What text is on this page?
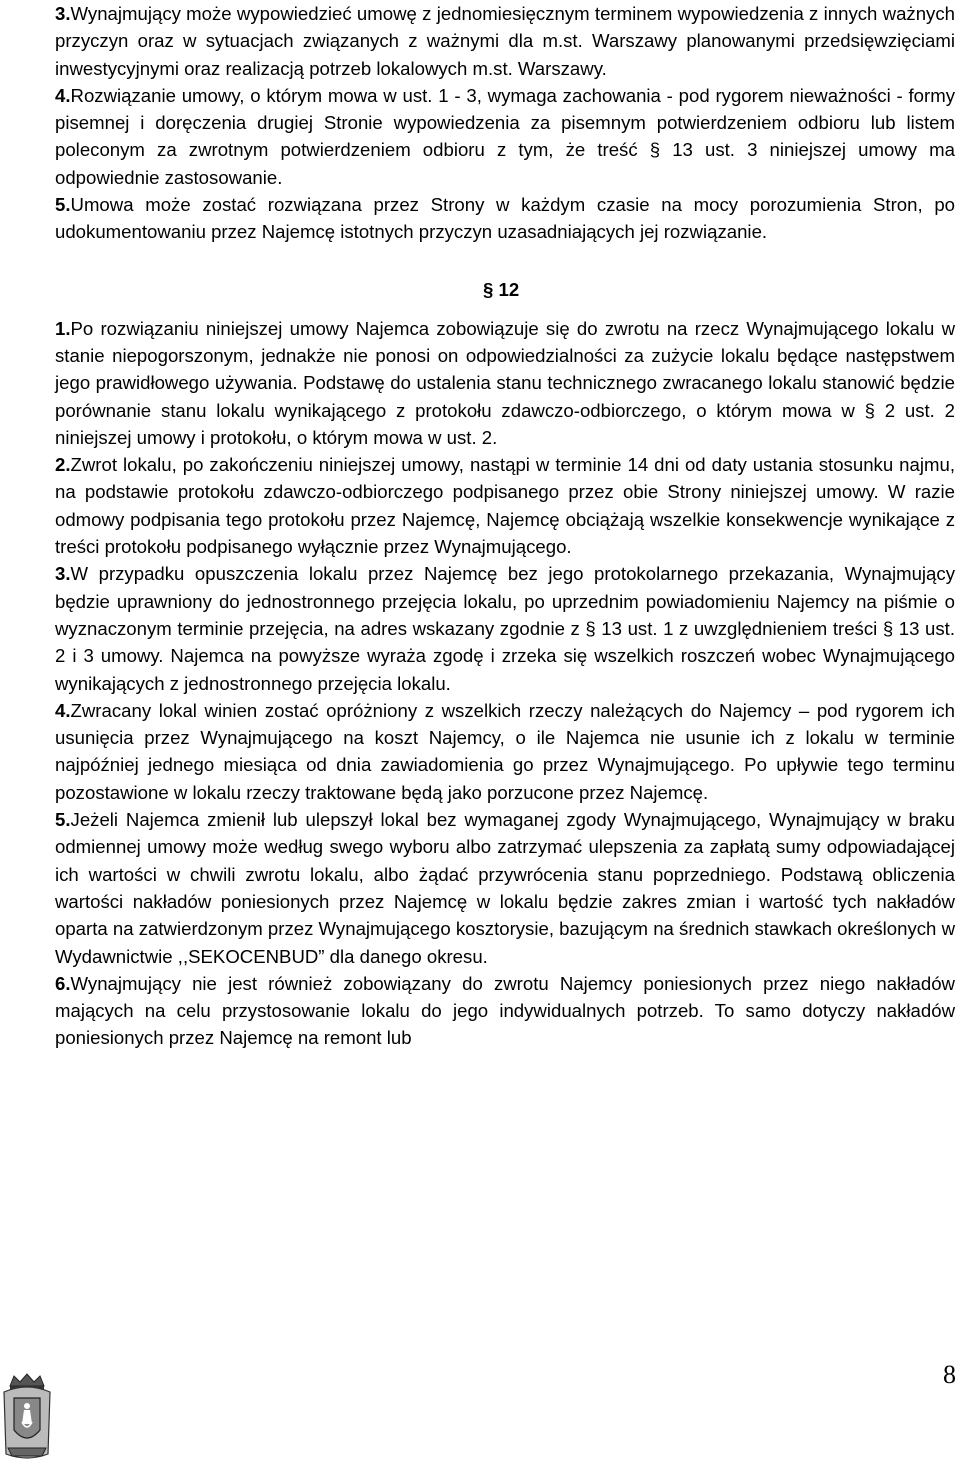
3.Wynajmujący może wypowiedzieć umowę z jednomiesięcznym terminem wypowiedzenia z innych ważnych przyczyn oraz w sytuacjach związanych z ważnymi dla m.st. Warszawy planowanymi przedsięwzięciami inwestycyjnymi oraz realizacją potrzeb lokalowych m.st. Warszawy.

4.Rozwiązanie umowy, o którym mowa w ust. 1 - 3, wymaga zachowania - pod rygorem nieważności - formy pisemnej i doręczenia drugiej Stronie wypowiedzenia za pisemnym potwierdzeniem odbioru lub listem poleconym za zwrotnym potwierdzeniem odbioru z tym, że treść § 13 ust. 3 niniejszej umowy ma odpowiednie zastosowanie.

5.Umowa może zostać rozwiązana przez Strony w każdym czasie na mocy porozumienia Stron, po udokumentowaniu przez Najemcę istotnych przyczyn uzasadniających jej rozwiązanie.

§ 12

1.Po rozwiązaniu niniejszej umowy Najemca zobowiązuje się do zwrotu na rzecz Wynajmującego lokalu w stanie niepogorszonym, jednakże nie ponosi on odpowiedzialności za zużycie lokalu będące następstwem jego prawidłowego używania. Podstawę do ustalenia stanu technicznego zwracanego lokalu stanowić będzie porównanie stanu lokalu wynikającego z protokołu zdawczo-odbiorczego, o którym mowa w § 2 ust. 2 niniejszej umowy i protokołu, o którym mowa w ust. 2.

2.Zwrot lokalu, po zakończeniu niniejszej umowy, nastąpi w terminie 14 dni od daty ustania stosunku najmu, na podstawie protokołu zdawczo-odbiorczego podpisanego przez obie Strony niniejszej umowy. W razie odmowy podpisania tego protokołu przez Najemcę, Najemcę obciążają wszelkie konsekwencje wynikające z treści protokołu podpisanego wyłącznie przez Wynajmującego.

3.W przypadku opuszczenia lokalu przez Najemcę bez jego protokolarnego przekazania, Wynajmujący będzie uprawniony do jednostronnego przejęcia lokalu, po uprzednim powiadomieniu Najemcy na piśmie o wyznaczonym terminie przejęcia, na adres wskazany zgodnie z § 13 ust. 1 z uwzględnieniem treści § 13 ust. 2 i 3 umowy. Najemca na powyższe wyraża zgodę i zrzeka się wszelkich roszczeń wobec Wynajmującego wynikających z jednostronnego przejęcia lokalu.

4.Zwracany lokal winien zostać opróżniony z wszelkich rzeczy należących do Najemcy – pod rygorem ich usunięcia przez Wynajmującego na koszt Najemcy, o ile Najemca nie usunie ich z lokalu w terminie najpóźniej jednego miesiąca od dnia zawiadomienia go przez Wynajmującego. Po upływie tego terminu pozostawione w lokalu rzeczy traktowane będą jako porzucone przez Najemcę.

5.Jeżeli Najemca zmienił lub ulepszył lokal bez wymaganej zgody Wynajmującego, Wynajmujący w braku odmiennej umowy może według swego wyboru albo zatrzymać ulepszenia za zapłatą sumy odpowiadającej ich wartości w chwili zwrotu lokalu, albo żądać przywrócenia stanu poprzedniego. Podstawą obliczenia wartości nakładów poniesionych przez Najemcę w lokalu będzie zakres zmian i wartość tych nakładów oparta na zatwierdzonym przez Wynajmującego kosztorysie, bazującym na średnich stawkach określonych w Wydawnictwie ,,SEKOCENBUD” dla danego okresu.

6.Wynajmujący nie jest również zobowiązany do zwrotu Najemcy poniesionych przez niego nakładów mających na celu przystosowanie lokalu do jego indywidualnych potrzeb. To samo dotyczy nakładów poniesionych przez Najemcę na remont lub

8
